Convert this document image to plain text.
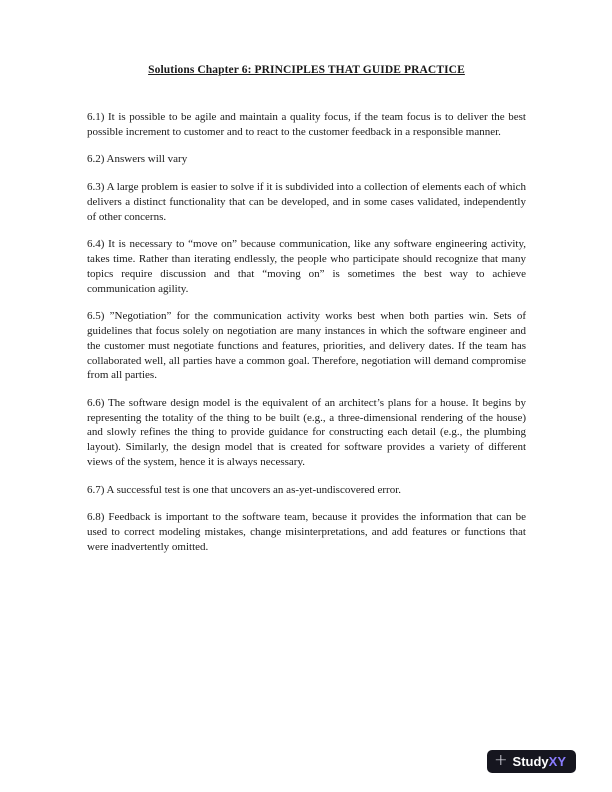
Solutions Chapter 6: PRINCIPLES THAT GUIDE PRACTICE

6.1) It is possible to be agile and maintain a quality focus, if the team focus is to deliver the best possible increment to customer and to react to the customer feedback in a responsible manner.

6.2) Answers will vary

6.3) A large problem is easier to solve if it is subdivided into a collection of elements each of which delivers a distinct functionality that can be developed, and in some cases validated, independently of other concerns.

6.4) It is necessary to “move on” because communication, like any software engineering activity, takes time. Rather than iterating endlessly, the people who participate should recognize that many topics require discussion and that “moving on” is sometimes the best way to achieve communication agility.

6.5) ”Negotiation” for the communication activity works best when both parties win. Sets of guidelines that focus solely on negotiation are many instances in which the software engineer and the customer must negotiate functions and features, priorities, and delivery dates. If the team has collaborated well, all parties have a common goal. Therefore, negotiation will demand compromise from all parties.

6.6) The software design model is the equivalent of an architect’s plans for a house. It begins by representing the totality of the thing to be built (e.g., a three-dimensional rendering of the house) and slowly refines the thing to provide guidance for constructing each detail (e.g., the plumbing layout). Similarly, the design model that is created for software provides a variety of different views of the system, hence it is always necessary.

6.7) A successful test is one that uncovers an as-yet-undiscovered error.

6.8) Feedback is important to the software team, because it provides the information that can be used to correct modeling mistakes, change misinterpretations, and add features or functions that were inadvertently omitted.

+ StudyXY
